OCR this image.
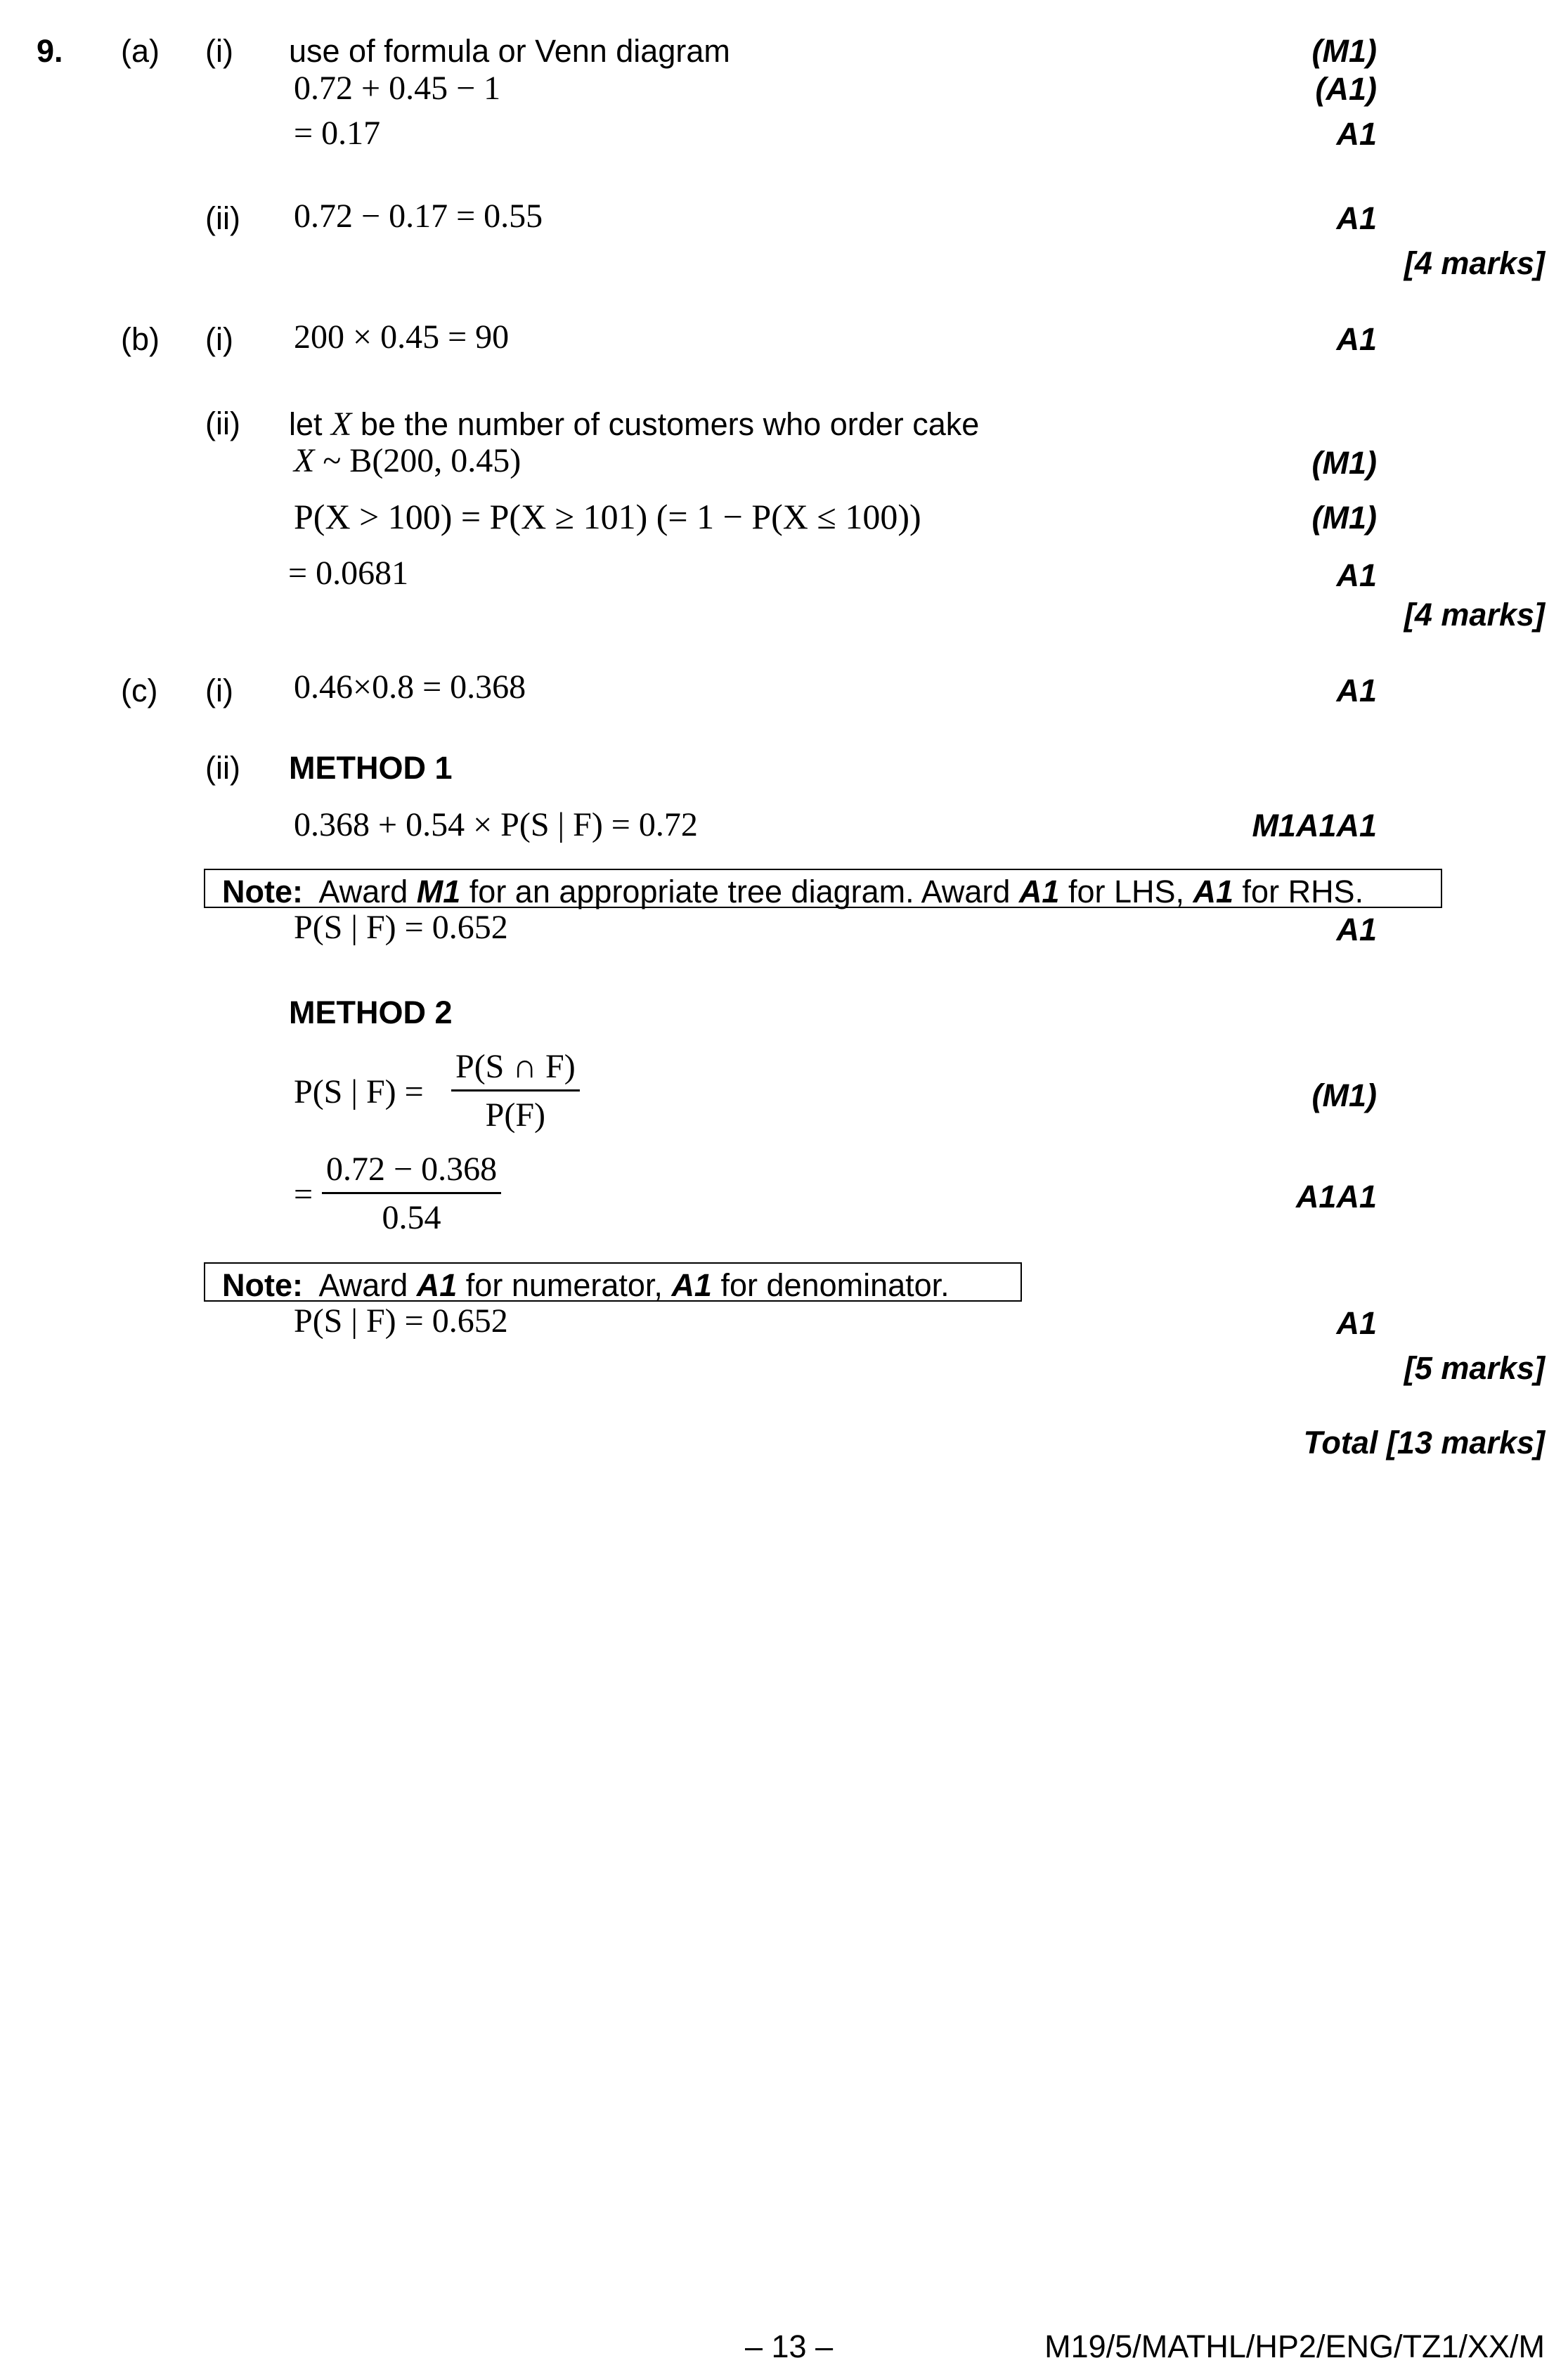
9. (a) (i) use of formula or Venn diagram	(M1)
0.72 + 0.45 − 1	(A1)
= 0.17	A1
(ii) 0.72 − 0.17 = 0.55	A1
[4 marks]
(b) (i) 200 × 0.45 = 90	A1
(ii) let X be the number of customers who order cake
X ~ B(200, 0.45)	(M1)
P(X > 100) = P(X ≥ 101) (= 1 − P(X ≤ 100))	(M1)
= 0.0681	A1
[4 marks]
(c) (i) 0.46×0.8 = 0.368	A1
(ii) METHOD 1
0.368 + 0.54 × P(S | F) = 0.72	M1A1A1
Note: Award M1 for an appropriate tree diagram. Award A1 for LHS, A1 for RHS.
P(S | F) = 0.652	A1
METHOD 2
P(S | $F) = \frac{P(S \cap F)}{P(F)}$	(M1)
= $\frac{0.72 - 0.368}{0.54}$	A1A1
Note: Award A1 for numerator, A1 for denominator.
P(S | F) = 0.652	A1
[5 marks]
Total [13 marks]
– 13 –	M19/5/MATHL/HP2/ENG/TZ1/XX/M
